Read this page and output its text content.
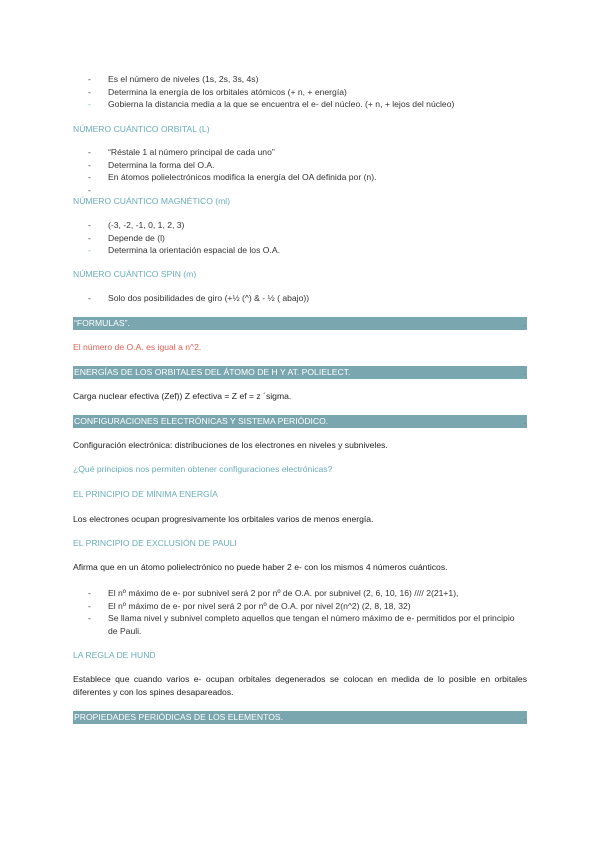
- Es el número de niveles (1s, 2s, 3s, 4s)
- Determina la energía de los orbitales atómicos (+ n, + energía)
- Gobierna la distancia media a la que se encuentra el e- del núcleo. (+ n, + lejos del núcleo)
NÚMERO CUÁNTICO ORBITAL (L)
- “Réstale 1 al número principal de cada uno”
- Determina la forma del O.A.
- En átomos polielectrónicos modifica la energía del OA definida por (n).
-
NÚMERO CUÁNTICO MAGNÉTICO (ml)
- (-3, -2, -1, 0, 1, 2, 3)
- Depende de (l)
- Determina la orientación espacial de los O.A.
NÚMERO CUÁNTICO SPIN (m)
- Solo dos posibilidades de giro (+½ (^) & - ½ ( abajo))
“FORMULAS”.	.
El número de O.A. es igual a n^2.
ENERGÍAS DE LOS ORBITALES DEL ÁTOMO DE H Y AT. POLIELECT.	.
Carga nuclear efectiva (Zef)) Z efectiva = Z ef = z ´sigma.
CONFIGURACIONES ELECTRÓNICAS Y SISTEMA PERIÓDICO.	.
Configuración electrónica: distribuciones de los electrones en niveles y subniveles.
¿Qué principios nos permiten obtener configuraciones electrónicas?
EL PRINCIPIO DE MÍNIMA ENERGÍA
Los electrones ocupan progresivamente los orbitales varios de menos energía.
EL PRINCIPIO DE EXCLUSIÓN DE PAULI
Afirma que en un átomo polielectrónico no puede haber 2 e- con los mismos 4 números cuánticos.
- El nº máximo de e- por subnivel será 2 por nº de O.A. por subnivel (2, 6, 10, 16) //// 2(21+1),
- El nº máximo de e- por nivel será 2 por nº de O.A. por nivel 2(n^2) (2, 8, 18, 32)
- Se llama nivel y subnivel completo aquellos que tengan el número máximo de e- permitidos por el principio de Pauli.
LA REGLA DE HUND
Establece que cuando varios e- ocupan orbitales degenerados se colocan en medida de lo posible en orbitales diferentes y con los spines desapareados.
PROPIEDADES PERIÓDICAS DE LOS ELEMENTOS.	.
